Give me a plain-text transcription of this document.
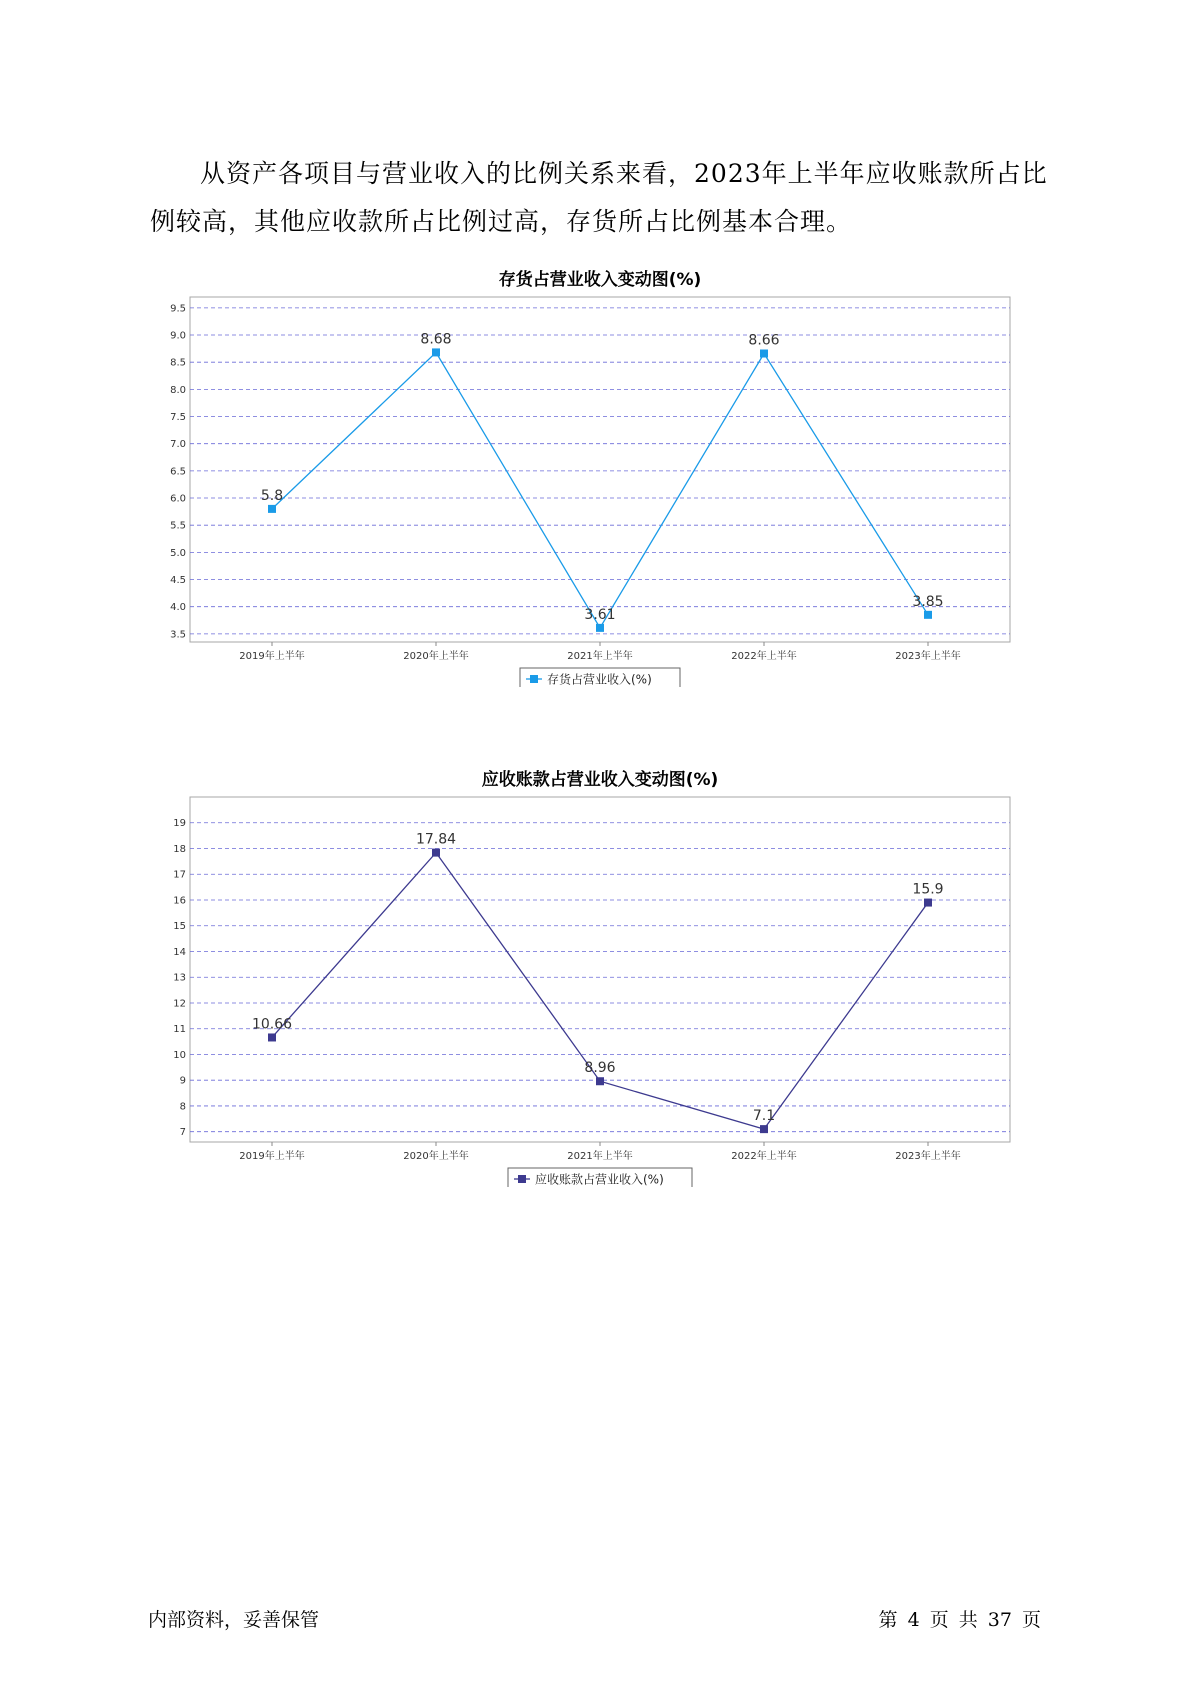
从资产各项目与营业收入的比例关系来看，2023年上半年应收账款所占比例较高，其他应收款所占比例过高，存货所占比例基本合理。

存货占营业收入变动图(%)
9.5
9.0
8.5
8.0
7.5
7.0
6.5
6.0
5.5
5.0
4.5
4.0
3.5
2019年上半年	2020年上半年	2021年上半年	2022年上半年	2023年上半年
5.8
8.68
3.61
8.66
3.85
存货占营业收入(%)
应收账款占营业收入变动图(%)
19
18
17
16
15
14
13
12
11
10
9
8
7
2019年上半年	2020年上半年	2021年上半年	2022年上半年	2023年上半年
10.66
17.84
8.96
7.1
15.9
应收账款占营业收入(%)
内部资料，妥善保管	第 4 页 共 37 页
